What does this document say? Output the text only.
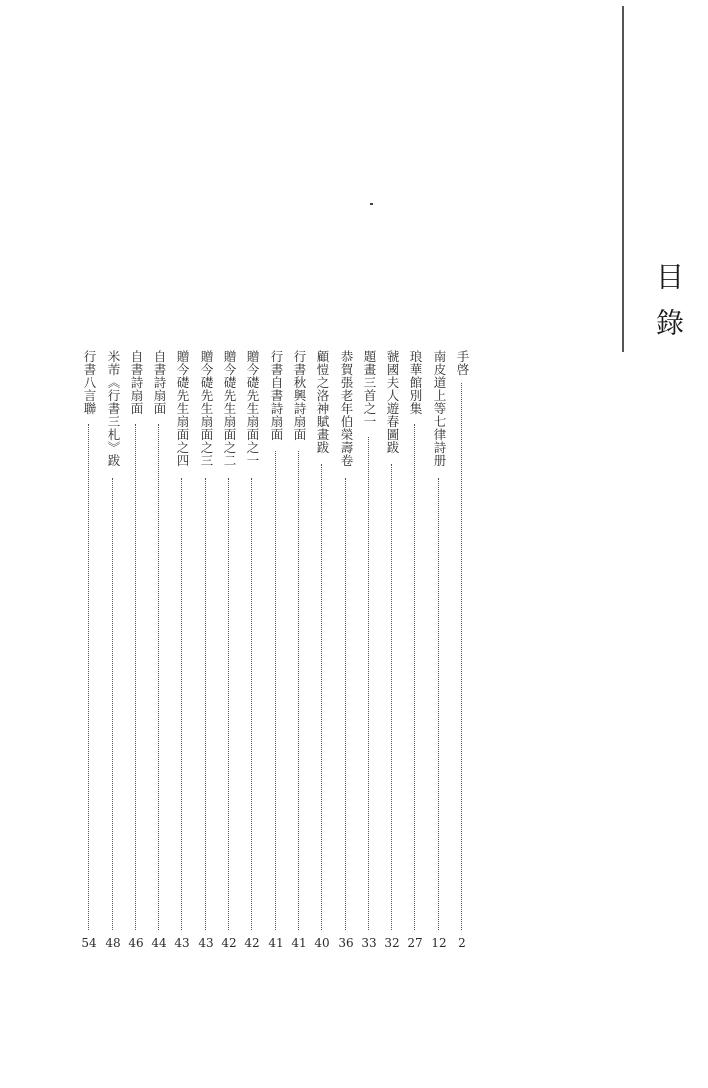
目錄
手啓
2
南皮道上等七律詩册
12
琅華館別集
27
虢國夫人遊春圖跋
32
題畫三首之一
33
恭賀張老年伯榮壽卷
36
顧愷之洛神賦畫跋
40
行書秋興詩扇面
41
行書自書詩扇面
41
贈今礎先生扇面之一
42
贈今礎先生扇面之二
42
贈今礎先生扇面之三
43
贈今礎先生扇面之四
43
自書詩扇面
44
自書詩扇面
46
米芾《行書三札》跋
48
行書八言聯
54
